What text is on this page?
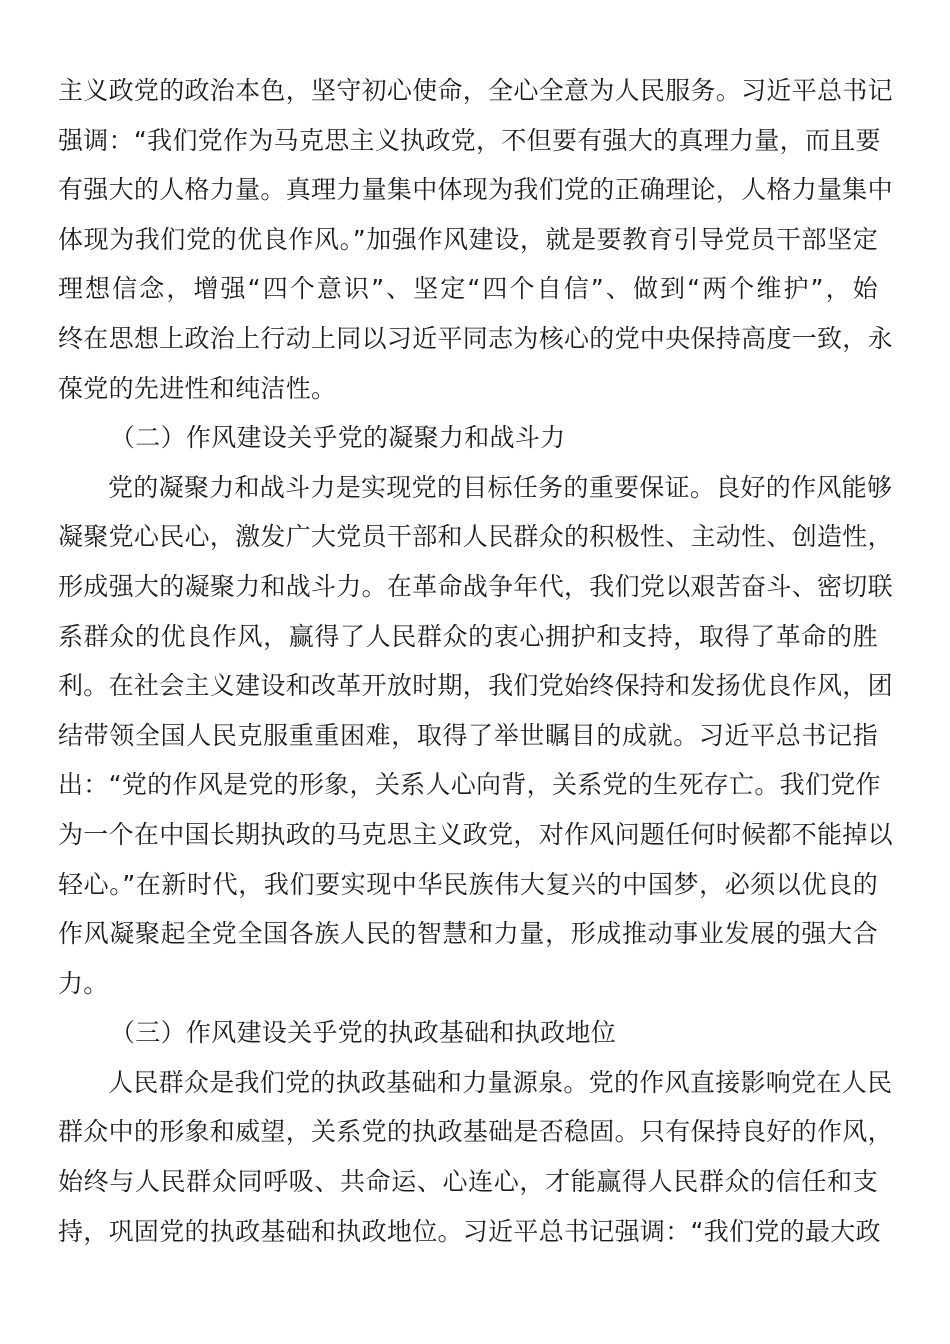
主义政党的政治本色，坚守初心使命，全心全意为人民服务。习近平总书记
强调：“我们党作为马克思主义执政党，不但要有强大的真理力量，而且要
有强大的人格力量。真理力量集中体现为我们党的正确理论，人格力量集中
体现为我们党的优良作风。”加强作风建设，就是要教育引导党员干部坚定
理想信念，增强“四个意识”、坚定“四个自信”、做到“两个维护”，始
终在思想上政治上行动上同以习近平同志为核心的党中央保持高度一致，永
葆党的先进性和纯洁性。
（二）作风建设关乎党的凝聚力和战斗力
党的凝聚力和战斗力是实现党的目标任务的重要保证。良好的作风能够
凝聚党心民心，激发广大党员干部和人民群众的积极性、主动性、创造性，
形成强大的凝聚力和战斗力。在革命战争年代，我们党以艰苦奋斗、密切联
系群众的优良作风，赢得了人民群众的衷心拥护和支持，取得了革命的胜
利。在社会主义建设和改革开放时期，我们党始终保持和发扬优良作风，团
结带领全国人民克服重重困难，取得了举世瞩目的成就。习近平总书记指
出：“党的作风是党的形象，关系人心向背，关系党的生死存亡。我们党作
为一个在中国长期执政的马克思主义政党，对作风问题任何时候都不能掉以
轻心。”在新时代，我们要实现中华民族伟大复兴的中国梦，必须以优良的
作风凝聚起全党全国各族人民的智慧和力量，形成推动事业发展的强大合
力。
（三）作风建设关乎党的执政基础和执政地位
人民群众是我们党的执政基础和力量源泉。党的作风直接影响党在人民
群众中的形象和威望，关系党的执政基础是否稳固。只有保持良好的作风，
始终与人民群众同呼吸、共命运、心连心，才能赢得人民群众的信任和支
持，巩固党的执政基础和执政地位。习近平总书记强调：“我们党的最大政
